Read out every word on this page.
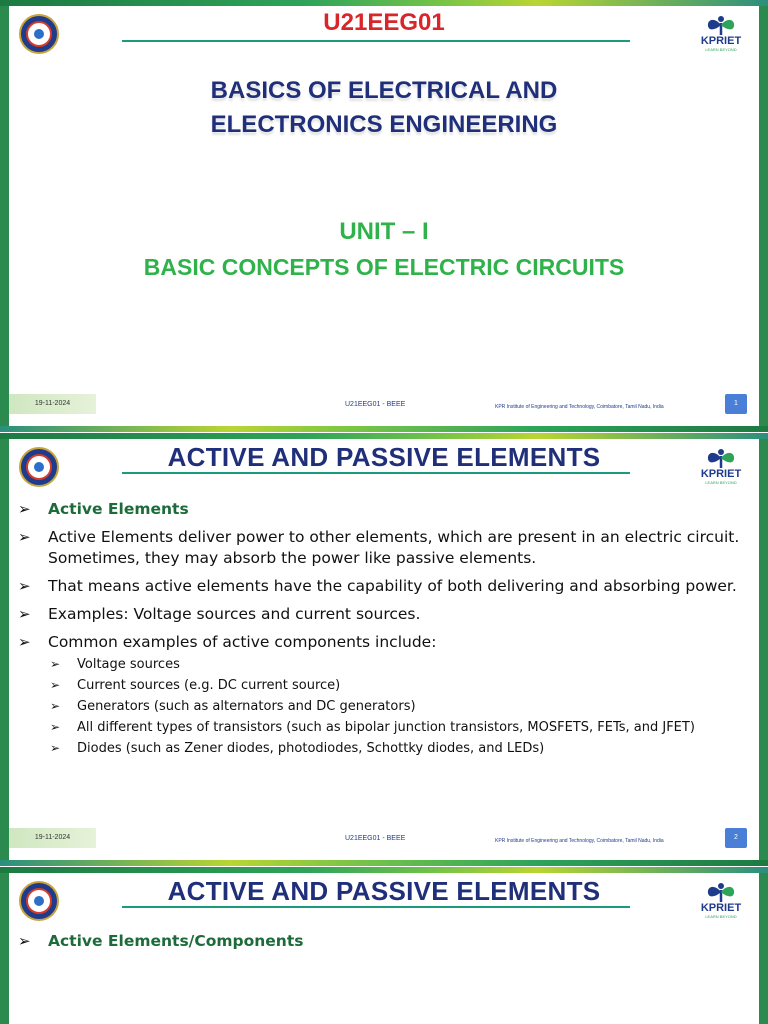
KPRIET
LEARN BEYOND
U21EEG01
BASICS OF ELECTRICAL AND
ELECTRONICS ENGINEERING
UNIT – I
BASIC CONCEPTS OF ELECTRIC CIRCUITS
19-11-2024	U21EEG01 - BEEE	KPR Institute of Engineering and Technology, Coimbatore, Tamil Nadu, India	1
KPRIET
LEARN BEYOND
ACTIVE AND PASSIVE ELEMENTS
➢ Active Elements
➢ Active Elements deliver power to other elements, which are present in an electric circuit. Sometimes, they may absorb the power like passive elements.
➢ That means active elements have the capability of both delivering and absorbing power.
➢ Examples: Voltage sources and current sources.
➢ Common examples of active components include:
➢ Voltage sources
➢ Current sources (e.g. DC current source)
➢ Generators (such as alternators and DC generators)
➢ All different types of transistors (such as bipolar junction transistors, MOSFETS, FETs, and JFET)
➢ Diodes (such as Zener diodes, photodiodes, Schottky diodes, and LEDs)
19-11-2024	U21EEG01 - BEEE	KPR Institute of Engineering and Technology, Coimbatore, Tamil Nadu, India	2
KPRIET
LEARN BEYOND
ACTIVE AND PASSIVE ELEMENTS
➢ Active Elements/Components
